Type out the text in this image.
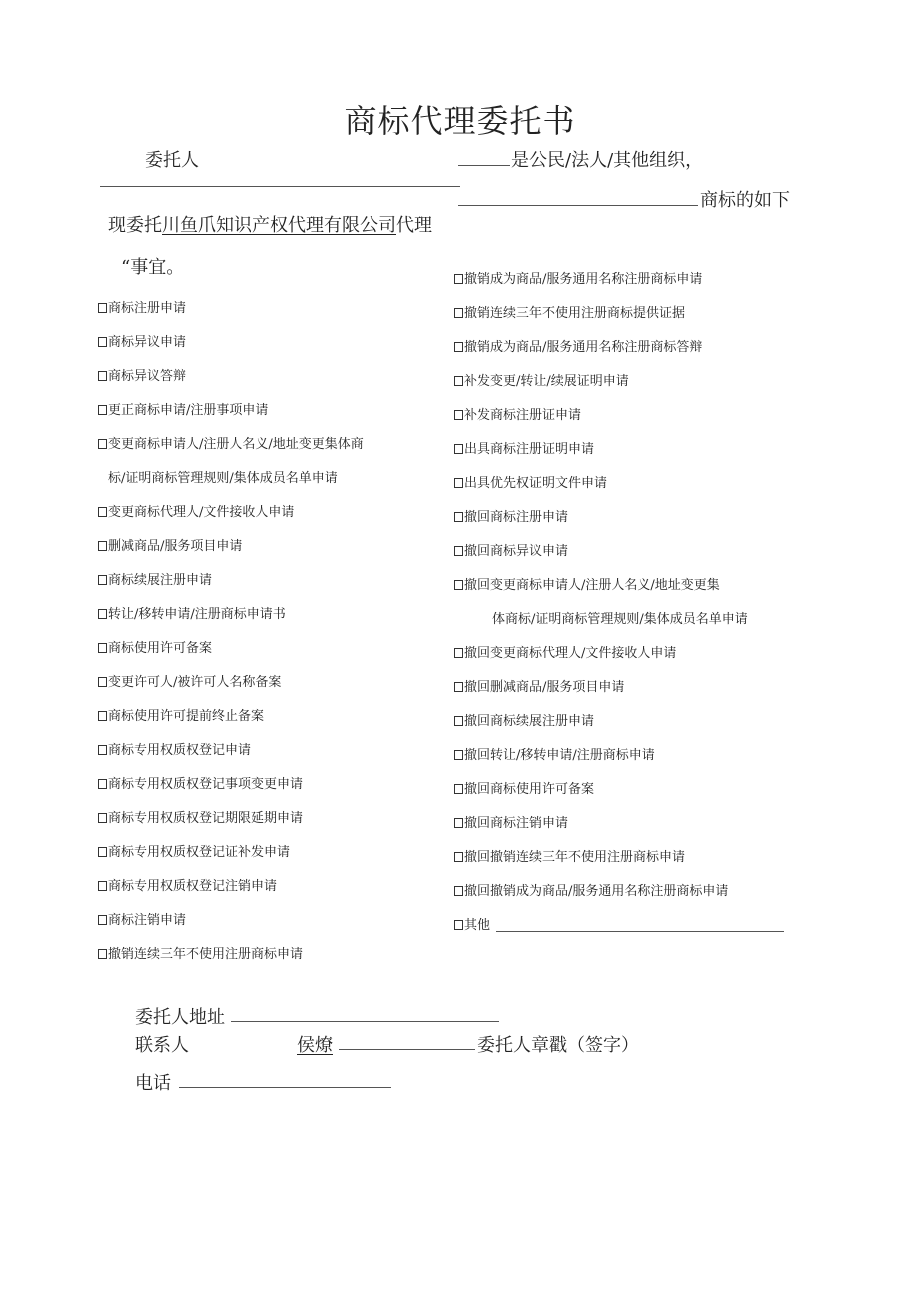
商标代理委托书
委托人	是公民/法人/其他组织，
商标的如下
现委托川鱼爪知识产权代理有限公司代理
“事宜。
商标注册申请
商标异议申请
商标异议答辩
更正商标申请/注册事项申请
变更商标申请人/注册人名义/地址变更集体商
标/证明商标管理规则/集体成员名单申请
变更商标代理人/文件接收人申请
删减商品/服务项目申请
商标续展注册申请
转让/移转申请/注册商标申请书
商标使用许可备案
变更许可人/被许可人名称备案
商标使用许可提前终止备案
商标专用权质权登记申请
商标专用权质权登记事项变更申请
商标专用权质权登记期限延期申请
商标专用权质权登记证补发申请
商标专用权质权登记注销申请
商标注销申请
撤销连续三年不使用注册商标申请
撤销成为商品/服务通用名称注册商标申请
撤销连续三年不使用注册商标提供证据
撤销成为商品/服务通用名称注册商标答辩
补发变更/转让/续展证明申请
补发商标注册证申请
出具商标注册证明申请
出具优先权证明文件申请
撤回商标注册申请
撤回商标异议申请
撤回变更商标申请人/注册人名义/地址变更集
体商标/证明商标管理规则/集体成员名单申请
撤回变更商标代理人/文件接收人申请
撤回删减商品/服务项目申请
撤回商标续展注册申请
撤回转让/移转申请/注册商标申请
撤回商标使用许可备案
撤回商标注销申请
撤回撤销连续三年不使用注册商标申请
撤回撤销成为商品/服务通用名称注册商标申请
其他
委托人地址
联系人	侯燎	委托人章戳（签字）
电话
